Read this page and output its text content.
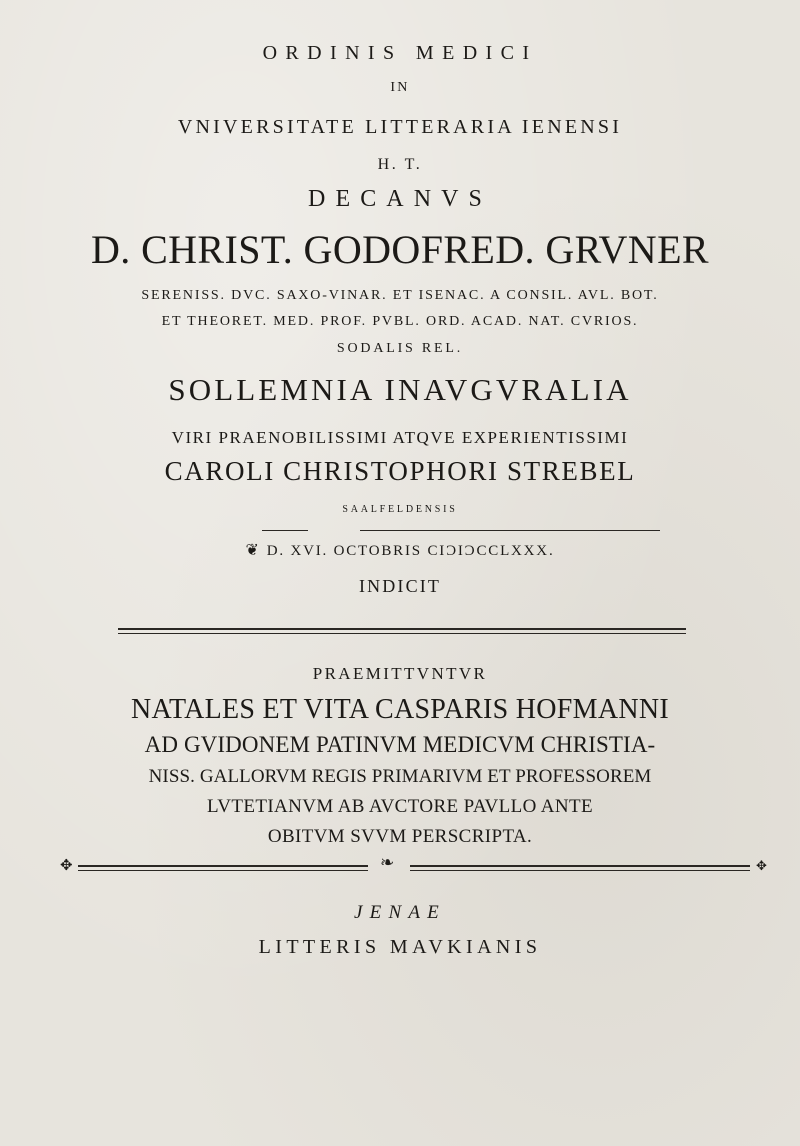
ORDINIS MEDICI
IN
VNIVERSITATE LITTERARIA IENENSI
H. T.
DECANVS
D. CHRIST. GODOFRED. GRVNER
SERENISS. DVC. SAXO-VINAR. ET ISENAC. A CONSIL. AVL. BOT.
ET THEORET. MED. PROF. PVBL. ORD. ACAD. NAT. CVRIOS.
SODALIS REL.
SOLLEMNIA INAVGVRALIA
VIRI PRAENOBILISSIMI ATQVE EXPERIENTISSIMI
CAROLI CHRISTOPHORI STREBEL
SAALFELDENSIS
❦ D. XVI. OCTOBRIS CIƆIƆCCLXXX.
INDICIT
PRAEMITTVNTVR
NATALES ET VITA CASPARIS HOFMANNI
AD GVIDONEM PATINVM MEDICVM CHRISTIA-
NISS. GALLORVM REGIS PRIMARIVM ET PROFESSOREM
LVTETIANVM AB AVCTORE PAVLLO ANTE
OBITVM SVVM PERSCRIPTA.
✥	❧	✥
JENAE
LITTERIS MAVKIANIS
